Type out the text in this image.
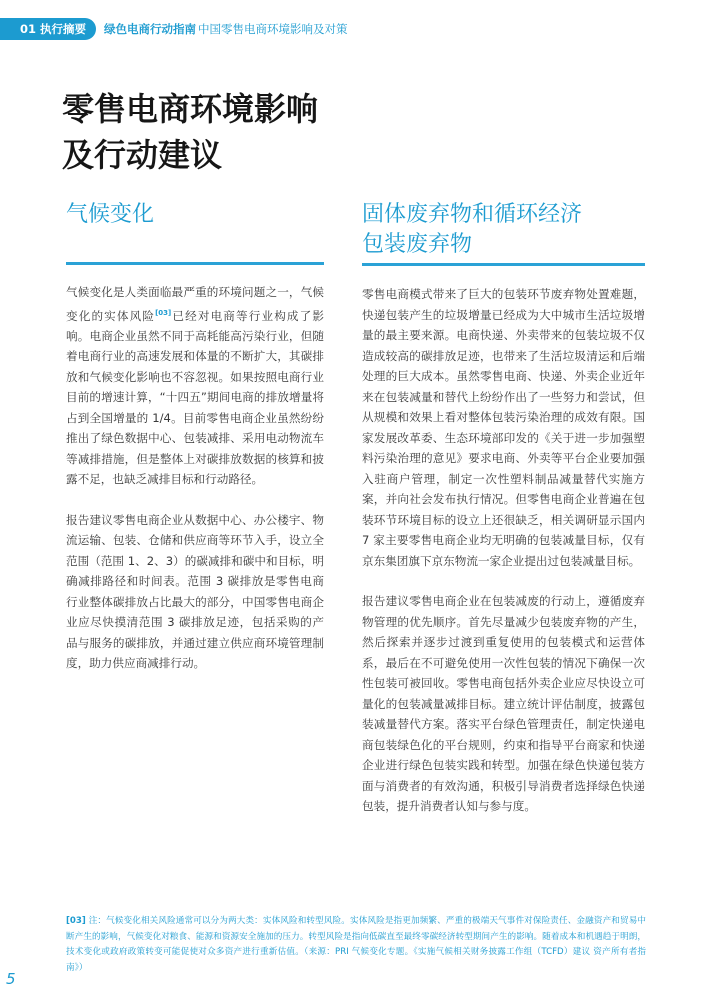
01 执行摘要	绿色电商行动指南 中国零售电商环境影响及对策
零售电商环境影响
及行动建议
气候变化

气候变化是人类面临最严重的环境问题之一，气候变化的实体风险[03]已经对电商等行业构成了影响。电商企业虽然不同于高耗能高污染行业，但随着电商行业的高速发展和体量的不断扩大，其碳排放和气候变化影响也不容忽视。如果按照电商行业目前的增速计算，“十四五”期间电商的排放增量将占到全国增量的 1/4。目前零售电商企业虽然纷纷推出了绿色数据中心、包装减排、采用电动物流车等减排措施，但是整体上对碳排放数据的核算和披露不足，也缺乏减排目标和行动路径。

报告建议零售电商企业从数据中心、办公楼宇、物流运输、包装、仓储和供应商等环节入手，设立全范围（范围 1、2、3）的碳减排和碳中和目标，明确减排路径和时间表。范围 3 碳排放是零售电商行业整体碳排放占比最大的部分，中国零售电商企业应尽快摸清范围 3 碳排放足迹，包括采购的产品与服务的碳排放，并通过建立供应商环境管理制度，助力供应商减排行动。

固体废弃物和循环经济
包装废弃物

零售电商模式带来了巨大的包装环节废弃物处置难题，快递包装产生的垃圾增量已经成为大中城市生活垃圾增量的最主要来源。电商快递、外卖带来的包装垃圾不仅造成较高的碳排放足迹，也带来了生活垃圾清运和后端处理的巨大成本。虽然零售电商、快递、外卖企业近年来在包装减量和替代上纷纷作出了一些努力和尝试，但从规模和效果上看对整体包装污染治理的成效有限。国家发展改革委、生态环境部印发的《关于进一步加强塑料污染治理的意见》要求电商、外卖等平台企业要加强入驻商户管理，制定一次性塑料制品减量替代实施方案，并向社会发布执行情况。但零售电商企业普遍在包装环节环境目标的设立上还很缺乏，相关调研显示国内 7 家主要零售电商企业均无明确的包装减量目标，仅有京东集团旗下京东物流一家企业提出过包装减量目标。

报告建议零售电商企业在包装减废的行动上，遵循废弃物管理的优先顺序。首先尽量减少包装废弃物的产生，然后探索并逐步过渡到重复使用的包装模式和运营体系，最后在不可避免使用一次性包装的情况下确保一次性包装可被回收。零售电商包括外卖企业应尽快设立可量化的包装减量减排目标。建立统计评估制度，披露包装减量替代方案。落实平台绿色管理责任，制定快递电商包装绿色化的平台规则，约束和指导平台商家和快递企业进行绿色包装实践和转型。加强在绿色快递包装方面与消费者的有效沟通，积极引导消费者选择绿色快递包装，提升消费者认知与参与度。

[03] 注：气候变化相关风险通常可以分为两大类：实体风险和转型风险。实体风险是指更加频繁、严重的极端天气事件对保险责任、金融资产和贸易中断产生的影响，气候变化对粮食、能源和资源安全施加的压力。转型风险是指向低碳直至最终零碳经济转型期间产生的影响。随着成本和机遇趋于明朗，技术变化或政府政策转变可能促使对众多资产进行重新估值。（来源：PRI 气候变化专题。《实施气候相关财务披露工作组（TCFD）建议 资产所有者指南》）
5
